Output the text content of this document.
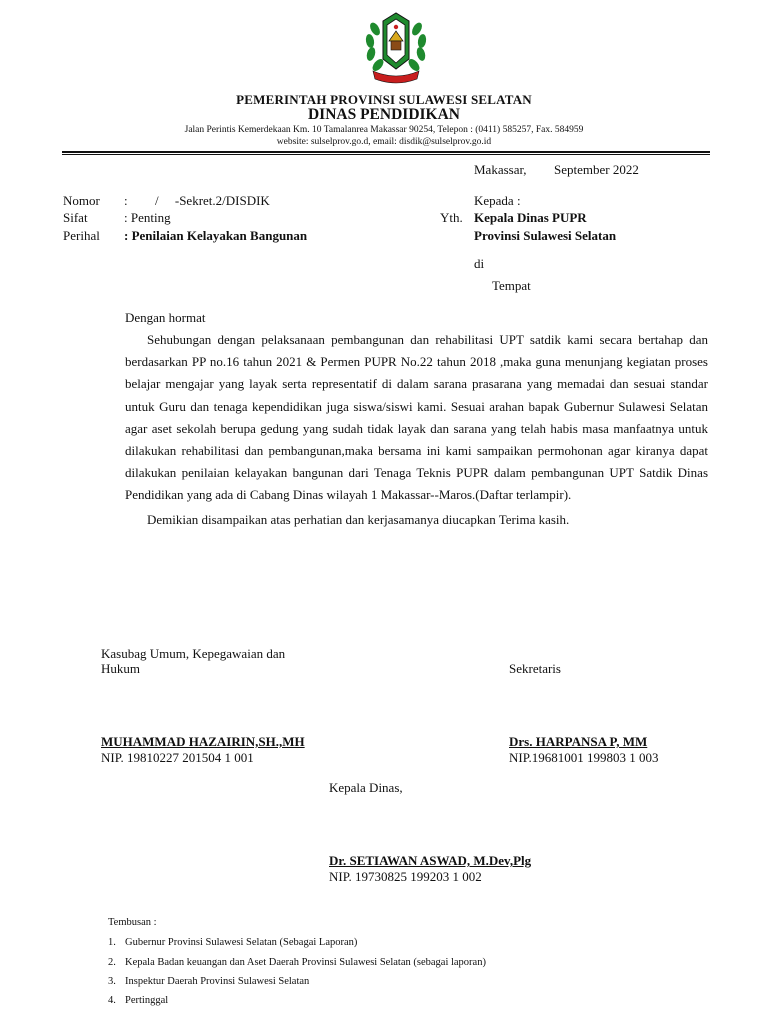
PEMERINTAH PROVINSI SULAWESI SELATAN
DINAS PENDIDIKAN
Jalan Perintis Kemerdekaan Km. 10 Tamalanrea Makassar 90254, Telepon : (0411) 585257, Fax. 584959
website: sulselprov.go.d, email: disdik@sulselprov.go.id
Makassar, September 2022
Nomor : /     -Sekret.2/DISDIK
Sifat	: Penting
Perihal : Penilaian Kelayakan Bangunan
Kepada :
Yth. Kepala Dinas PUPR
Provinsi Sulawesi Selatan
di
Tempat
Dengan hormat

Sehubungan dengan pelaksanaan pembangunan dan rehabilitasi UPT satdik kami secara bertahap dan berdasarkan PP no.16 tahun 2021 & Permen PUPR No.22 tahun 2018 ,maka guna menunjang kegiatan proses belajar mengajar yang layak serta representatif di dalam sarana prasarana yang memadai dan sesuai standar untuk Guru dan tenaga kependidikan juga siswa/siswi kami. Sesuai arahan bapak Gubernur Sulawesi Selatan agar aset sekolah berupa gedung yang sudah tidak layak dan sarana yang telah habis masa manfaatnya untuk dilakukan rehabilitasi dan pembangunan,maka bersama ini kami sampaikan permohonan agar kiranya dapat dilakukan penilaian kelayakan bangunan dari Tenaga Teknis PUPR dalam pembangunan UPT Satdik Dinas Pendidikan yang ada di Cabang Dinas wilayah 1 Makassar--Maros.(Daftar terlampir).

Demikian disampaikan atas perhatian dan kerjasamanya diucapkan Terima kasih.

Kasubag Umum, Kepegawaian dan
Hukum	Sekretaris
MUHAMMAD HAZAIRIN,SH.,MH
NIP. 19810227 201504 1 001
Drs. HARPANSA P, MM
NIP.19681001 199803 1 003
Kepala Dinas,
Dr. SETIAWAN ASWAD, M.Dev,Plg
NIP. 19730825 199203 1 002
Tembusan :
1. Gubernur Provinsi Sulawesi Selatan (Sebagai Laporan)
2. Kepala Badan keuangan dan Aset Daerah Provinsi Sulawesi Selatan (sebagai laporan)
3. Inspektur Daerah Provinsi Sulawesi Selatan
4. Pertinggal
